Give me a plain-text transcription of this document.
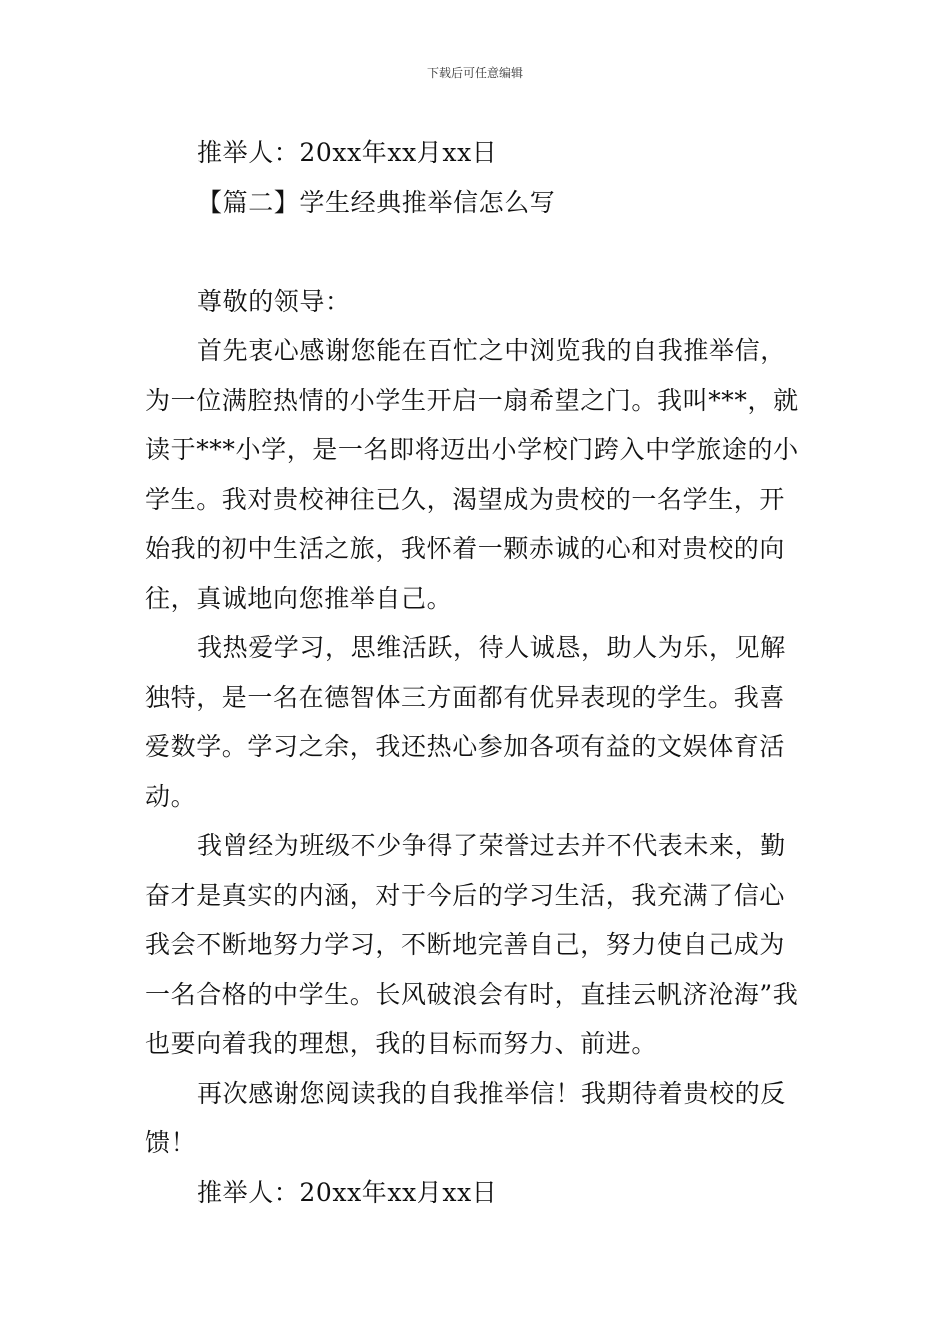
下载后可任意编辑

推举人：20xx年xx月xx日

【篇二】学生经典推举信怎么写

尊敬的领导：

首先衷心感谢您能在百忙之中浏览我的自我推举信，为一位满腔热情的小学生开启一扇希望之门。我叫***，就读于***小学，是一名即将迈出小学校门跨入中学旅途的小学生。我对贵校神往已久，渴望成为贵校的一名学生，开始我的初中生活之旅，我怀着一颗赤诚的心和对贵校的向往，真诚地向您推举自己。

我热爱学习，思维活跃，待人诚恳，助人为乐，见解独特，是一名在德智体三方面都有优异表现的学生。我喜爱数学。学习之余，我还热心参加各项有益的文娱体育活动。

我曾经为班级不少争得了荣誉过去并不代表未来，勤奋才是真实的内涵，对于今后的学习生活，我充满了信心我会不断地努力学习，不断地完善自己，努力使自己成为一名合格的中学生。长风破浪会有时，直挂云帆济沧海”我也要向着我的理想，我的目标而努力、前进。

再次感谢您阅读我的自我推举信！我期待着贵校的反馈！

推举人：20xx年xx月xx日
